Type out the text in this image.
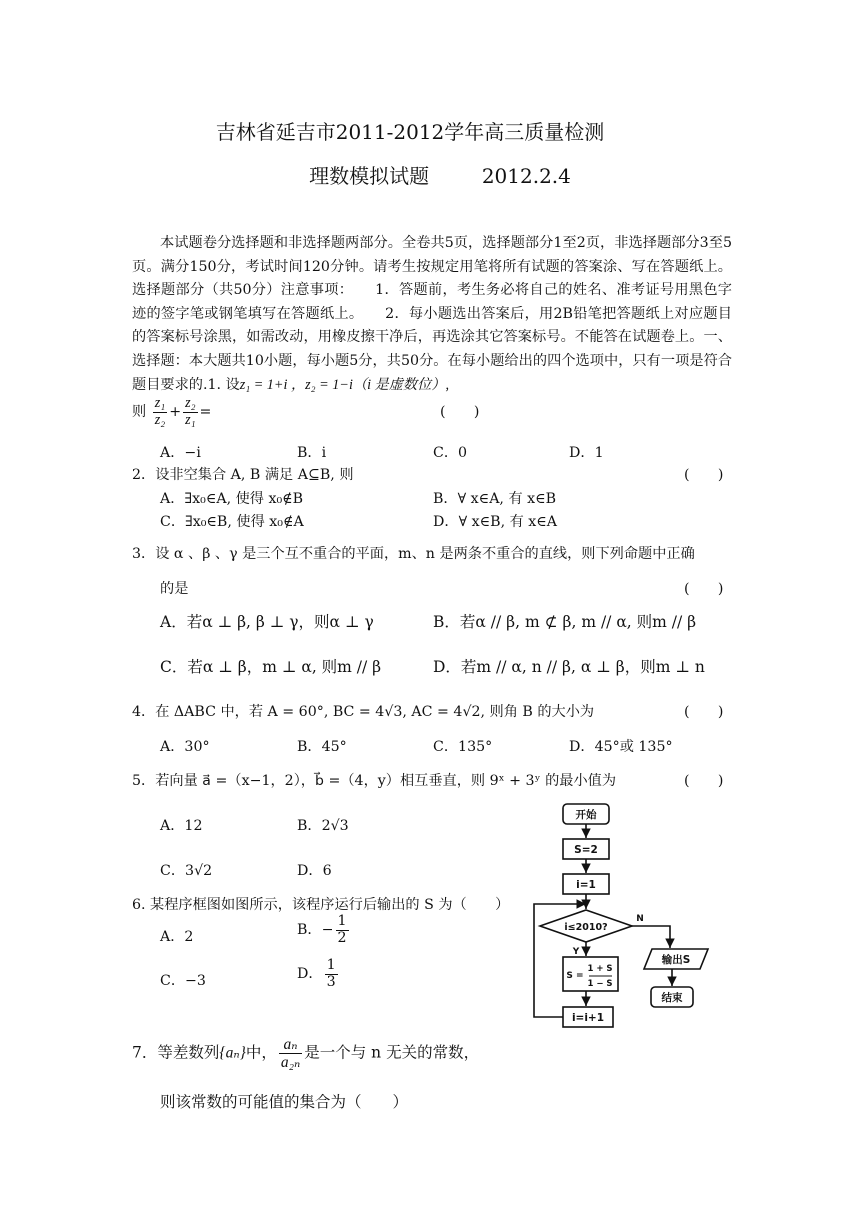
吉林省延吉市2011-2012学年高三质量检测
理数模拟试题	2012.2.4
本试题卷分选择题和非选择题两部分。全卷共5页，选择题部分1至2页，非选择题部分3至5页。满分150分，考试时间120分钟。请考生按规定用笔将所有试题的答案涂、写在答题纸上。选择题部分（共50分）注意事项：　　1．答题前，考生务必将自己的姓名、准考证号用黑色字迹的签字笔或钢笔填写在答题纸上。　　2．每小题选出答案后，用2B铅笔把答题纸上对应题目的答案标号涂黑，如需改动，用橡皮擦干净后，再选涂其它答案标号。不能答在试题卷上。一、选择题：本大题共10小题，每小题5分，共50分。在每小题给出的四个选项中，只有一项是符合题目要求的.1. 设z₁ = 1+i ，z₂ = 1−i（i 是虚数位）,
则 $\frac{\text{z₁}}{\text{z₂}} + \frac{\text{z₂}}{\text{z₁}}$ =	(　　)
A．−i	B．i	C．0	D．1
2．设非空集合 A, B 满足 A⊆B, 则	(　　)
A．∃x₀∈A, 使得 x₀∉B	B．∀ x∈A, 有 x∈B
C．∃x₀∈B, 使得 x₀∉A	D．∀ x∈B, 有 x∈A
3．设 α 、β 、γ 是三个互不重合的平面，m、n 是两条不重合的直线，则下列命题中正确
的是	(　　)
A．若α ⊥ β, β ⊥ γ，则α ⊥ γ	B．若α // β, m ⊄ β, m // α, 则m // β
C．若α ⊥ β，m ⊥ α, 则m // β	D．若m // α, n // β, α ⊥ β，则m ⊥ n
4．在 ΔABC 中，若 A = 60°, BC = 4√3, AC = 4√2, 则角 B 的大小为	(　　)
A．30°	B．45°	C．135°	D．45°或 135°
5．若向量 a⃗ =（x−1，2），b⃗ =（4，y）相互垂直，则 9ˣ + 3ʸ 的最小值为	(　　)
A．12	B．2√3
C．3√2	D．6
6. 某程序框图如图所示，该程序运行后输出的 S 为（　　）
A．2	B．− $\frac{1}{2}$
C．−3	D． $\frac{1}{3}$
7．等差数列{aₙ}中， $\frac{\text{aₙ}}{\text{a₂ₙ}}$ 是一个与 n 无关的常数，
则该常数的可能值的集合为（　　）
开始
S=2
i=1
i≤2010?
Y
N
S =
1 + S
1 − S
i=i+1
输出S
结束
